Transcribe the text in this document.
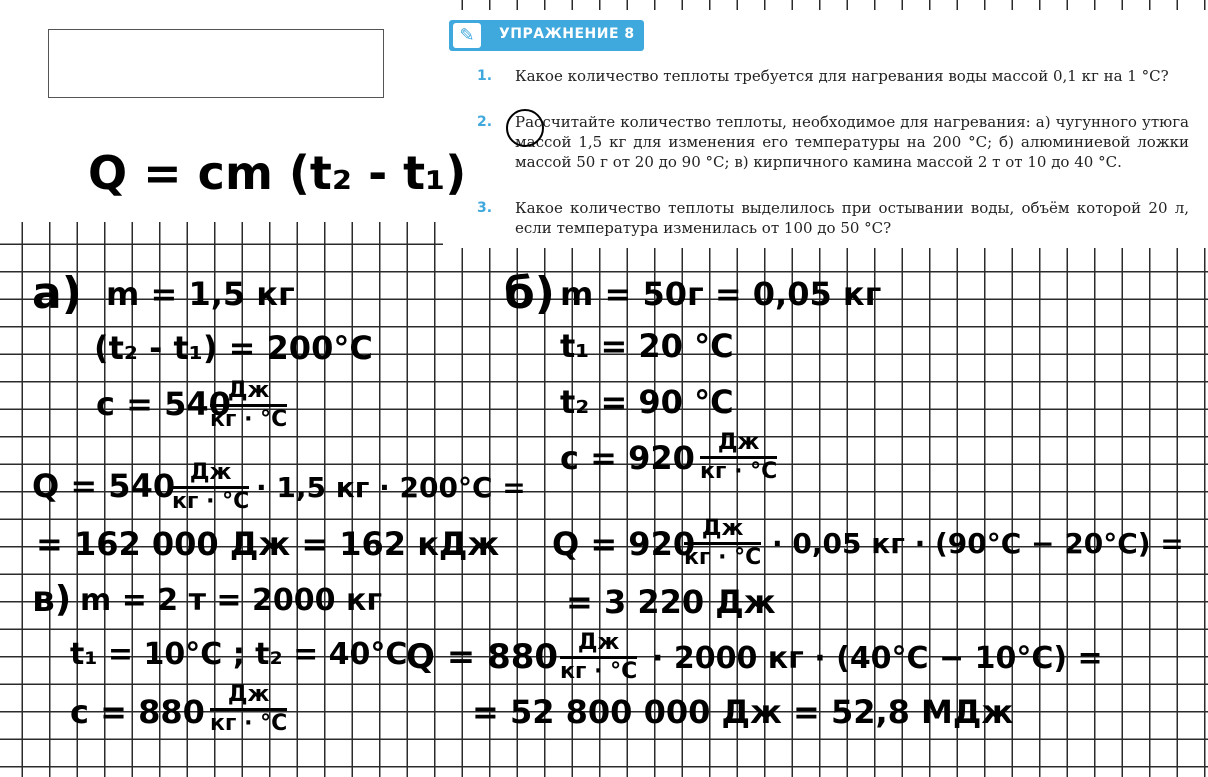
✎	УПРАЖНЕНИЕ 8
1. Какое количество теплоты требуется для нагревания воды массой 0,1 кг на 1 °С?
2. Рассчитайте количество теплоты, необходимое для нагревания: а) чугунного утюга массой 1,5 кг для изменения его температуры на 200 °С; б) алюминиевой ложки массой 50 г от 20 до 90 °С; в) кирпичного камина массой 2 т от 10 до 40 °С.
3. Какое количество теплоты выделилось при остывании воды, объём которой 20 л, если температура изменилась от 100 до 50 °С?
Q = cm (t₂ - t₁)
a) m = 1,5 кг
(t₂ - t₁) = 200°C
c = 540
Дж
кг · °C
Q = 540 Дж
кг · °C · 1,5 кг · 200°C =
= 162 000 Дж = 162 кДж
б) m = 50г = 0,05 кг
t₁ = 20 °C
t₂ = 90 °C
c = 920	Дж
кг · °C
Q = 920 Дж
кг · °C · 0,05 кг · (90°C − 20°C) =
= 3 220 Дж
в) m = 2 т = 2000 кг
t₁ = 10°C ; t₂ = 40°C
c = 880	Дж
кг · °C
Q = 880 Дж
кг · °C · 2000 кг · (40°C − 10°C) =
= 52 800 000 Дж = 52,8 МДж
